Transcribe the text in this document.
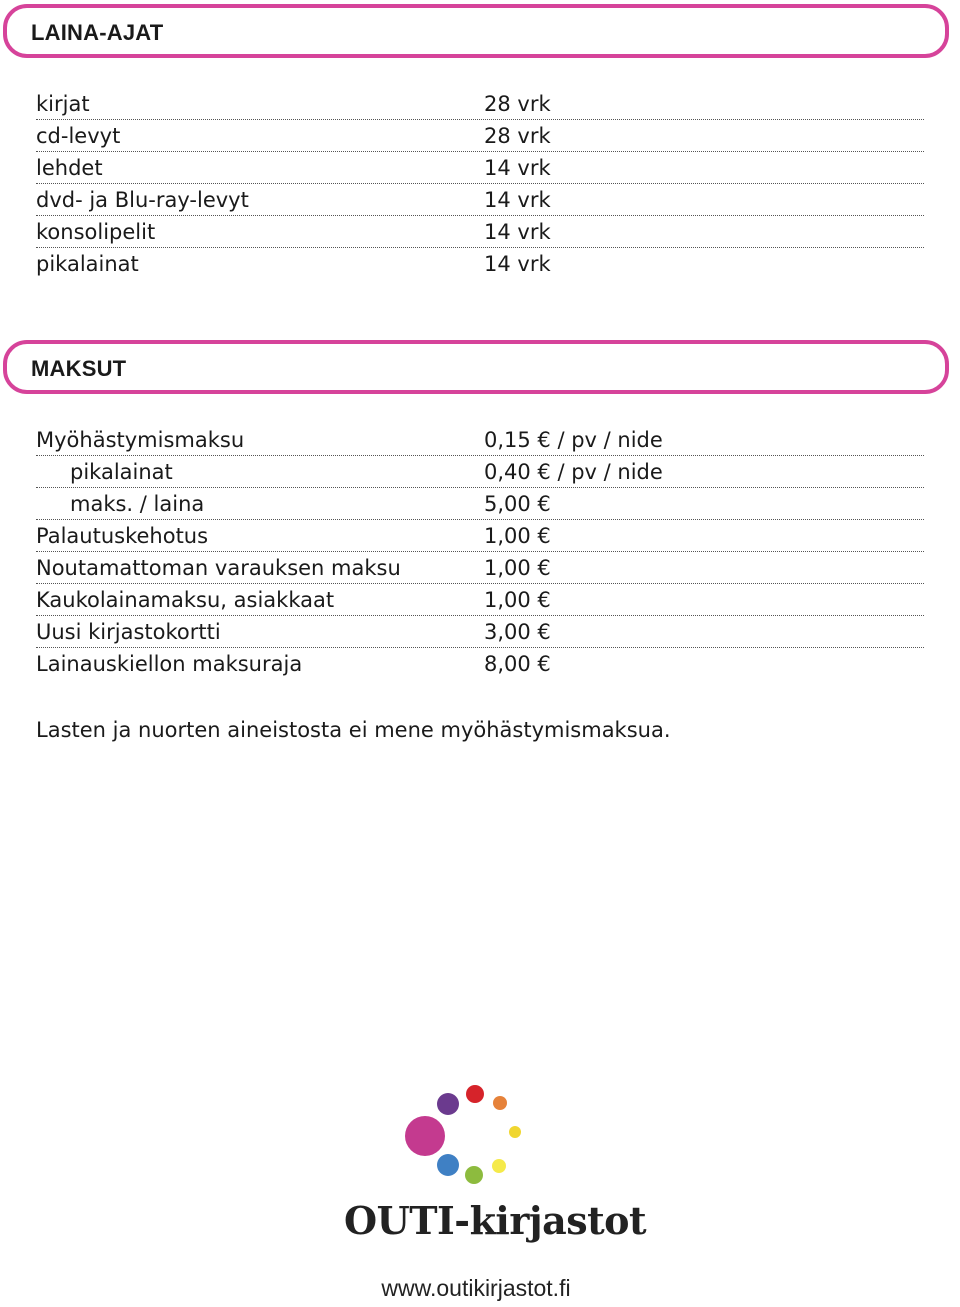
LAINA-AJAT
kirjat	28 vrk
cd-levyt	28 vrk
lehdet	14 vrk
dvd- ja Blu-ray-levyt	14 vrk
konsolipelit	14 vrk
pikalainat	14 vrk
MAKSUT
Myöhästymismaksu	0,15 € / pv / nide
pikalainat	0,40 € / pv / nide
maks. / laina	5,00 €
Palautuskehotus	1,00 €
Noutamattoman varauksen maksu	1,00 €
Kaukolainamaksu, asiakkaat	1,00 €
Uusi kirjastokortti	3,00 €
Lainauskiellon maksuraja	8,00 €
Lasten ja nuorten aineistosta ei mene myöhästymismaksua.
OUTI-kirjastot
www.outikirjastot.fi
